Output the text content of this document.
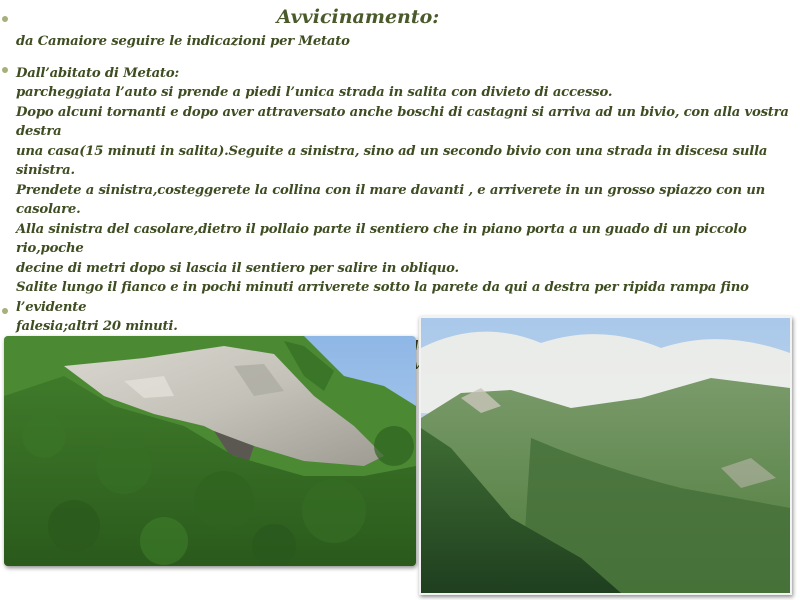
Avvicinamento:
da Camaiore seguire le indicazioni per Metato
Dall’abitato di Metato:
parcheggiata l’auto si prende a piedi l’unica strada in salita con divieto di accesso.
Dopo alcuni tornanti e dopo aver attraversato anche boschi di castagni si arriva ad un bivio, con alla vostra destra
una casa(15 minuti in salita).Seguite a sinistra, sino ad un secondo bivio con una strada in discesa sulla sinistra.
Prendete a sinistra,costeggerete la collina con il mare davanti , e arriverete in un grosso spiazzo con un casolare.
Alla sinistra del casolare,dietro il pollaio parte il sentiero che in piano porta a un guado di un piccolo rio,poche
decine di metri dopo si lascia il sentiero per salire in obliquo.
Salite lungo il fianco e in pochi minuti arriverete sotto la parete da qui a destra per ripida rampa fino l’evidente
falesia;altri 20 minuti.
